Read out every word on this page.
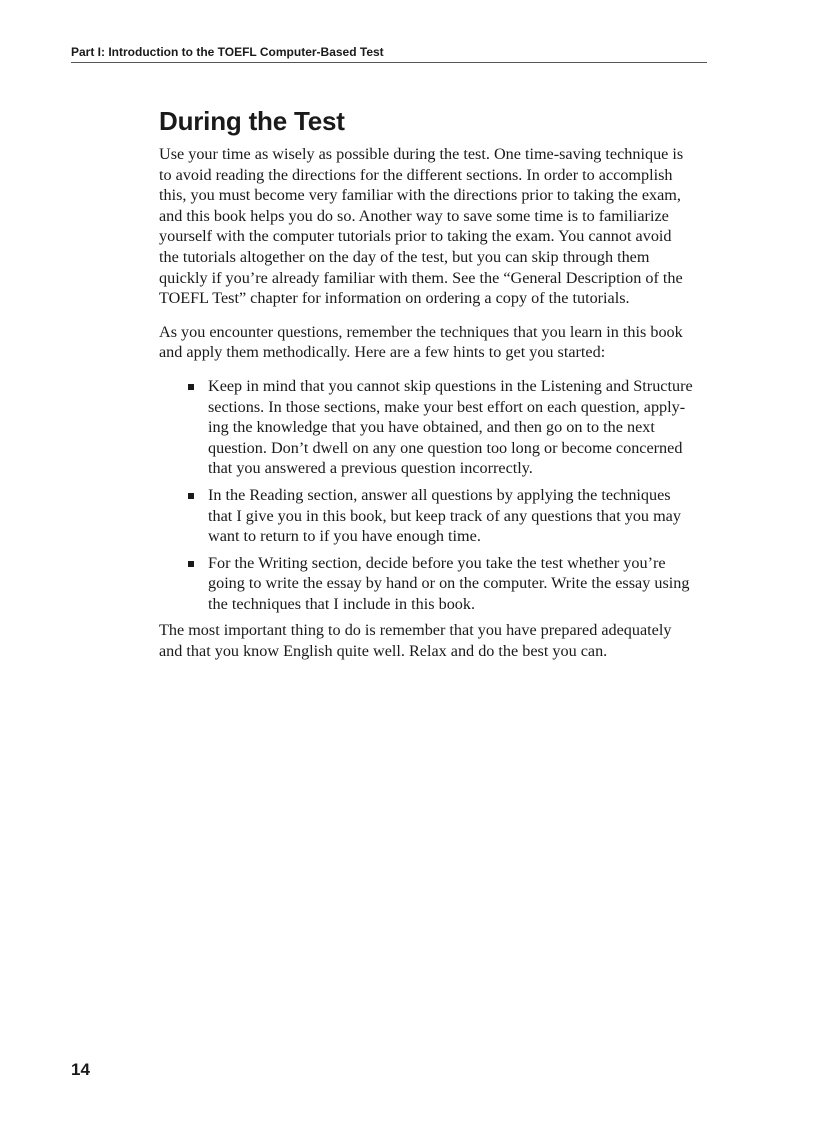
Part I: Introduction to the TOEFL Computer-Based Test
During the Test
Use your time as wisely as possible during the test. One time-saving technique is
to avoid reading the directions for the different sections. In order to accomplish
this, you must become very familiar with the directions prior to taking the exam,
and this book helps you do so. Another way to save some time is to familiarize
yourself with the computer tutorials prior to taking the exam. You cannot avoid
the tutorials altogether on the day of the test, but you can skip through them
quickly if you’re already familiar with them. See the “General Description of the
TOEFL Test” chapter for information on ordering a copy of the tutorials.
As you encounter questions, remember the techniques that you learn in this book
and apply them methodically. Here are a few hints to get you started:
Keep in mind that you cannot skip questions in the Listening and Structure
sections. In those sections, make your best effort on each question, apply-
ing the knowledge that you have obtained, and then go on to the next
question. Don’t dwell on any one question too long or become concerned
that you answered a previous question incorrectly.
In the Reading section, answer all questions by applying the techniques
that I give you in this book, but keep track of any questions that you may
want to return to if you have enough time.
For the Writing section, decide before you take the test whether you’re
going to write the essay by hand or on the computer. Write the essay using
the techniques that I include in this book.
The most important thing to do is remember that you have prepared adequately
and that you know English quite well. Relax and do the best you can.
14
